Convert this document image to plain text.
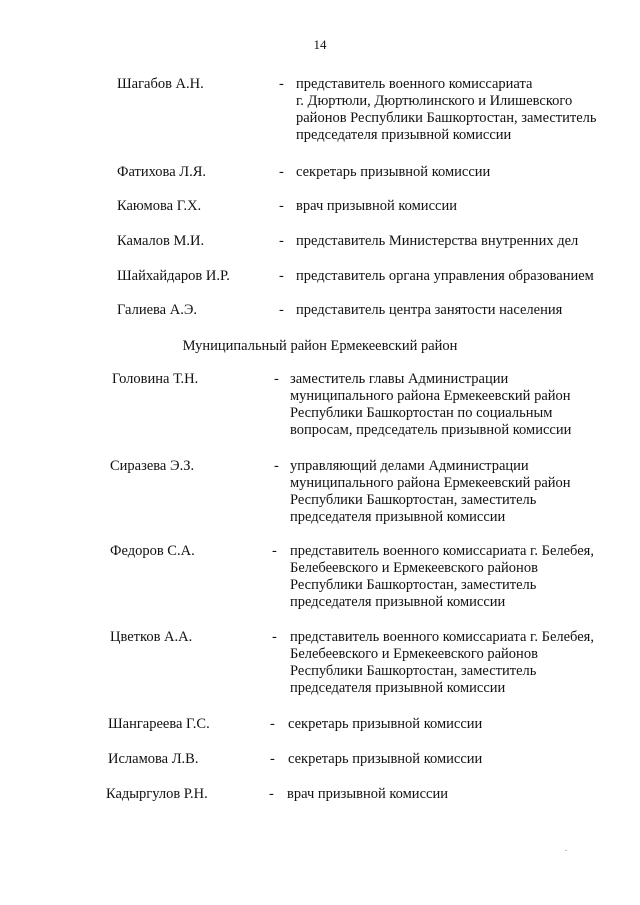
14
Шагабов А.Н.	- представитель военного комиссариата
г. Дюртюли, Дюртюлинского и Илишевского
районов Республики Башкортостан, заместитель
председателя призывной комиссии
Фатихова Л.Я.	- секретарь призывной комиссии
Каюмова Г.Х.	- врач призывной комиссии
Камалов М.И.	- представитель Министерства внутренних дел
Шайхайдаров И.Р.	- представитель органа управления образованием
Галиева А.Э.	- представитель центра занятости населения
Муниципальный район Ермекеевский район
Головина Т.Н.	- заместитель главы Администрации
муниципального района Ермекеевский район
Республики Башкортостан по социальным
вопросам, председатель призывной комиссии
Сиразева Э.З.	- управляющий делами Администрации
муниципального района Ермекеевский район
Республики Башкортостан, заместитель
председателя призывной комиссии
Федоров С.А.	- представитель военного комиссариата г. Белебея,
Белебеевского и Ермекеевского районов
Республики Башкортостан, заместитель
председателя призывной комиссии
Цветков А.А.	- представитель военного комиссариата г. Белебея,
Белебеевского и Ермекеевского районов
Республики Башкортостан, заместитель
председателя призывной комиссии
Шангареева Г.С.	- секретарь призывной комиссии
Исламова Л.В.	- секретарь призывной комиссии
Кадыргулов Р.Н.	- врач призывной комиссии
